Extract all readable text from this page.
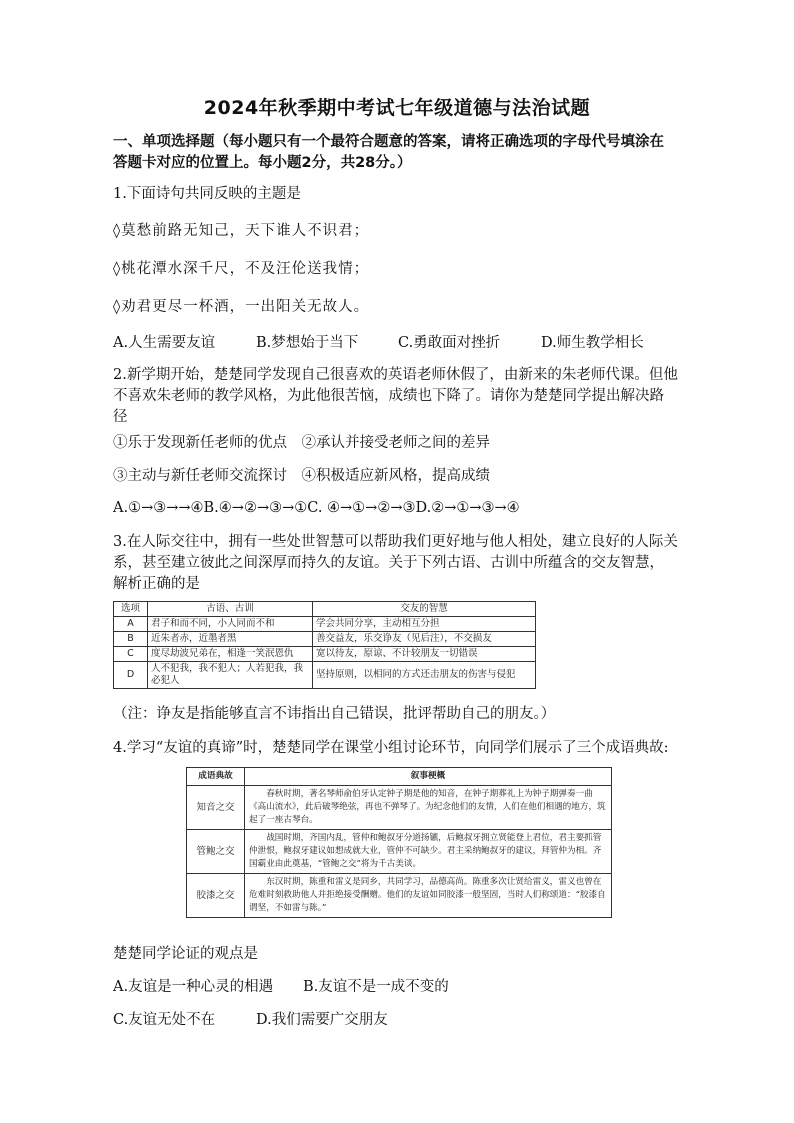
2024年秋季期中考试七年级道德与法治试题
一、单项选择题（每小题只有一个最符合题意的答案，请将正确选项的字母代号填涂在
答题卡对应的位置上。每小题2分，共28分。）
1.下面诗句共同反映的主题是
◊莫愁前路无知己，天下谁人不识君；
◊桃花潭水深千尺，不及汪伦送我情；
◊劝君更尽一杯酒，一出阳关无故人。
A.人生需要友谊	B.梦想始于当下	C.勇敢面对挫折	D.师生教学相长
2.新学期开始，楚楚同学发现自己很喜欢的英语老师休假了，由新来的朱老师代课。但他
不喜欢朱老师的教学风格，为此他很苦恼，成绩也下降了。请你为楚楚同学提出解决路
径
①乐于发现新任老师的优点　②承认并接受老师之间的差异
③主动与新任老师交流探讨　④积极适应新风格，提高成绩
A.①→③→→④B.④→②→③→①C. ④→①→②→③D.②→①→③→④
3.在人际交往中，拥有一些处世智慧可以帮助我们更好地与他人相处，建立良好的人际关
系，甚至建立彼此之间深厚而持久的友谊。关于下列古语、古训中所蕴含的交友智慧，
解析正确的是
选项	古语、古训	交友的智慧
A	君子和而不同，小人同而不和	学会共同分享，主动相互分担
B	近朱者赤，近墨者黑	善交益友，乐交诤友（见后注），不交损友
C	度尽劫波兄弟在，相逢一笑泯恩仇	宽以待友，原谅、不计较朋友一切错误
D	人不犯我，我不犯人；人若犯我，我必犯人	坚持原则，以相同的方式还击朋友的伤害与侵犯
（注：诤友是指能够直言不讳指出自己错误，批评帮助自己的朋友。）
4.学习“友谊的真谛”时，楚楚同学在课堂小组讨论环节，向同学们展示了三个成语典故:
成语典故	叙事梗概
知音之交	春秋时期，著名琴师俞伯牙认定钟子期是他的知音，在钟子期葬礼上为钟子期弹奏一曲《高山流水》，此后破琴绝弦，再也不弹琴了。为纪念他们的友情，人们在他们相遇的地方，筑起了一座古琴台。
管鲍之交	战国时期，齐国内乱，管仲和鲍叔牙分道扬镳，后鲍叔牙拥立贤能登上君位，君主要抓管仲泄恨，鲍叔牙建议如想成就大业，管仲不可缺少。君主采纳鲍叔牙的建议，拜管仲为相。齐国霸业由此奠基，“管鲍之交”将为千古美谈。
胶漆之交	东汉时期，陈重和雷义是同乡，共同学习，品德高尚。陈重多次让贤给雷义，雷义也曾在危难时刻救助他人并拒绝接受酬赠。他们的友谊如同胶漆一般坚固，当时人们称颂道：“胶漆自谓坚，不如雷与陈。”
楚楚同学论证的观点是
A.友谊是一种心灵的相遇 B.友谊不是一成不变的
C.友谊无处不在	D.我们需要广交朋友
